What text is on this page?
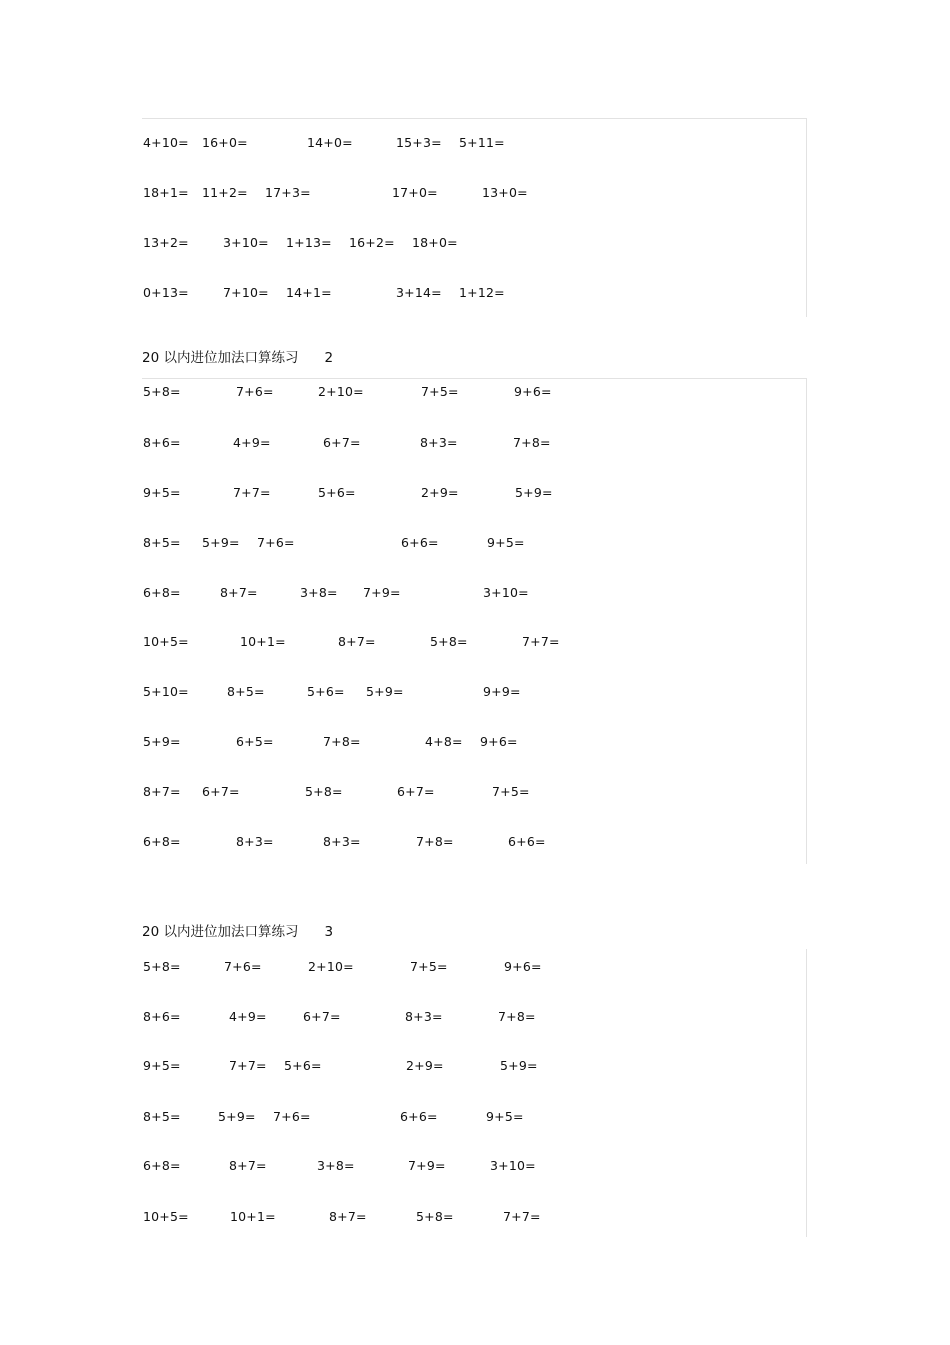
4+10= 16+0=	14+0=	15+3= 5+11=
18+1= 11+2= 17+3=	17+0=	13+0=
13+2=	3+10= 1+13= 16+2= 18+0=
0+13=	7+10= 14+1=	3+14= 1+12=
20 以内进位加法口算练习 2
5+8=	7+6=	2+10=	7+5=	9+6=
8+6=	4+9=	6+7=	8+3=	7+8=
9+5=	7+7=	5+6=	2+9=	5+9=
8+5= 5+9= 7+6=	6+6=	9+5=
6+8=	8+7=	3+8= 7+9=	3+10=
10+5=	10+1=	8+7=	5+8=	7+7=
5+10=	8+5=	5+6= 5+9=	9+9=
5+9=	6+5=	7+8=	4+8= 9+6=
8+7= 6+7=	5+8=	6+7=	7+5=
6+8=	8+3=	8+3=	7+8=	6+6=
20 以内进位加法口算练习 3
5+8=	7+6=	2+10=	7+5=	9+6=
8+6=	4+9=	6+7=	8+3=	7+8=
9+5=	7+7= 5+6=	2+9=	5+9=
8+5=	5+9= 7+6=	6+6=	9+5=
6+8=	8+7=	3+8=	7+9=	3+10=
10+5=	10+1=	8+7=	5+8=	7+7=
